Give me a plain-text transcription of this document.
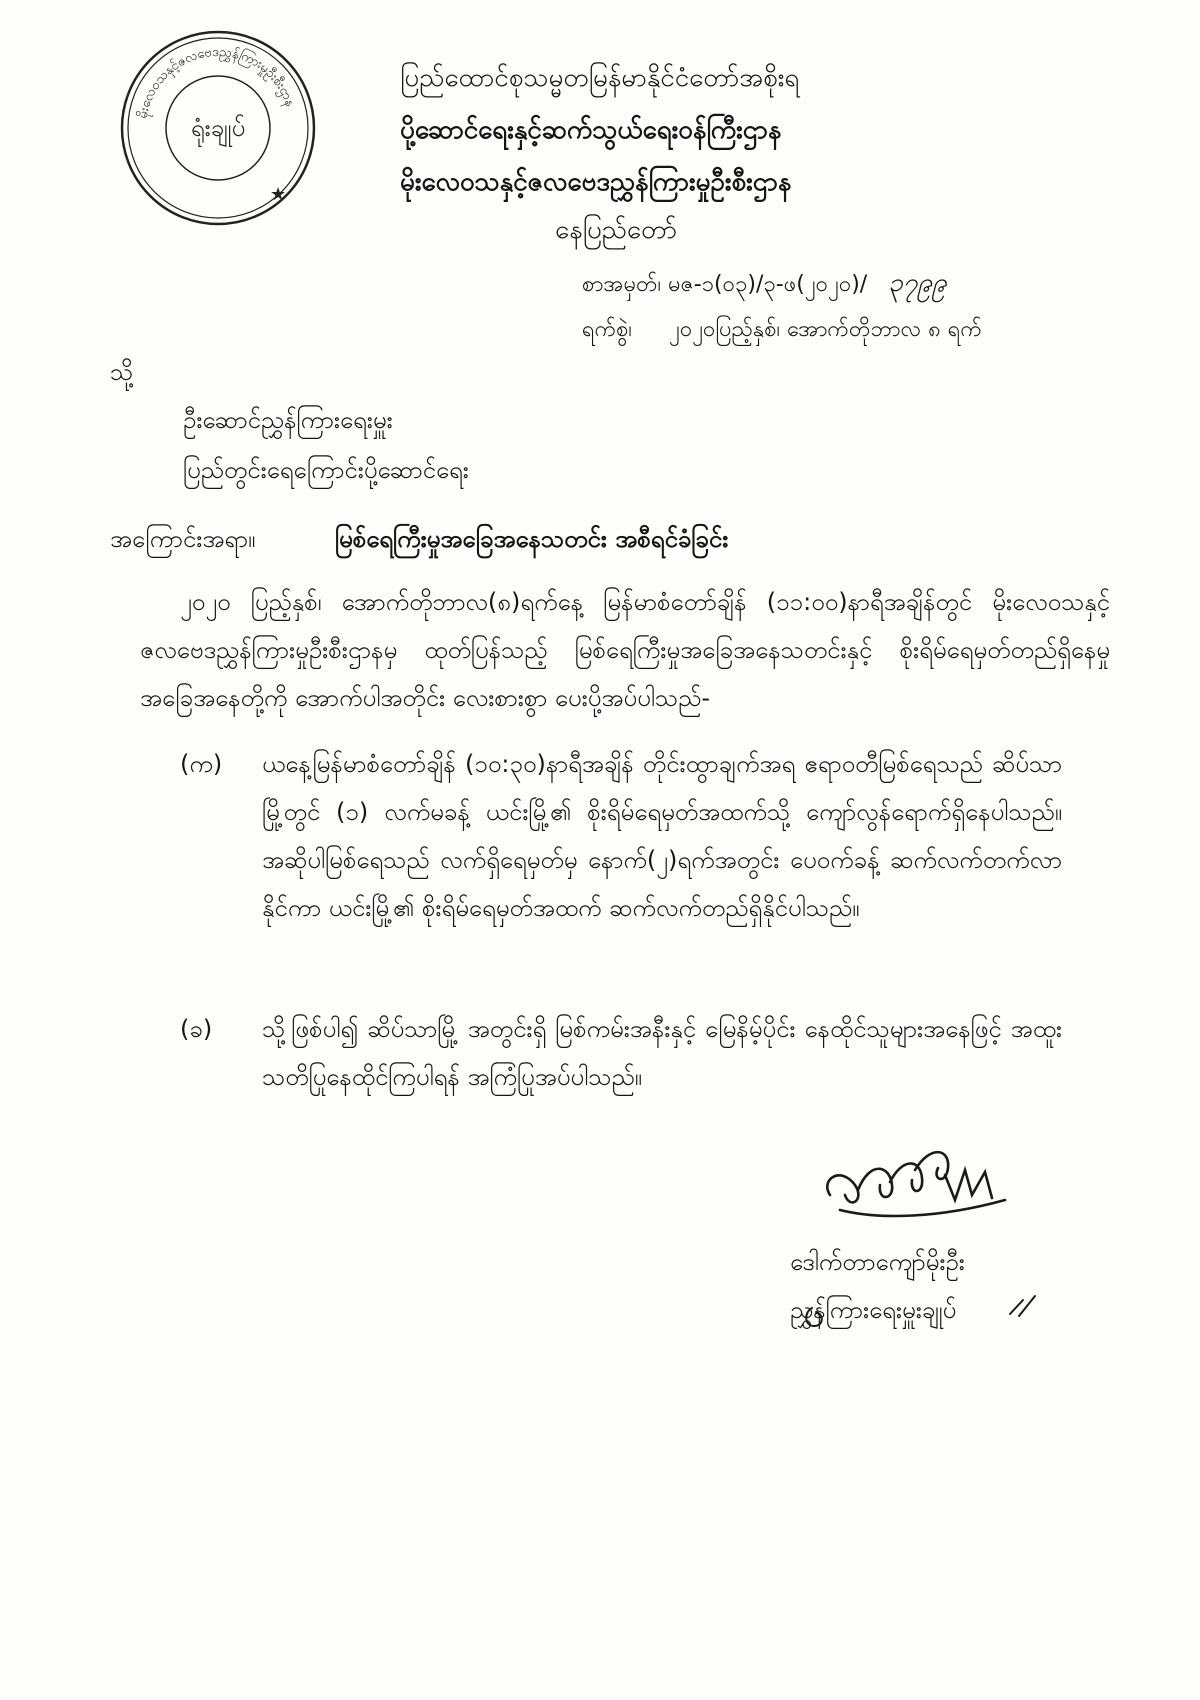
မိုးလေဝသနှင့်ဇလဗေဒညွှန်ကြားမှုဦးစီးဌာန
ရုံးချုပ်
★
ပြည်ထောင်စုသမ္မတမြန်မာနိုင်ငံတော်အစိုးရ
ပို့ဆောင်ရေးနှင့်ဆက်သွယ်ရေးဝန်ကြီးဌာန
မိုးလေဝသနှင့်ဇလဗေဒညွှန်ကြားမှုဦးစီးဌာန
နေပြည်တော်
စာအမှတ်၊ မဇ-၁(၀၃)/၃-ဖ(၂၀၂၀)/ ၃၇၉၉
ရက်စွဲ၊ ၂၀၂၀ပြည့်နှစ်၊ အောက်တိုဘာလ ၈ ရက်
သို့
ဦးဆောင်ညွှန်ကြားရေးမှူး
ပြည်တွင်းရေကြောင်းပို့ဆောင်ရေး
အကြောင်းအရာ။	မြစ်ရေကြီးမှုအခြေအနေသတင်း အစီရင်ခံခြင်း
၂၀၂၀ ပြည့်နှစ်၊ အောက်တိုဘာလ(၈)ရက်နေ့ မြန်မာစံတော်ချိန် (၁၁:၀၀)နာရီအချိန်တွင် မိုးလေဝသနှင့် ဇလဗေဒညွှန်ကြားမှုဦးစီးဌာနမှ ထုတ်ပြန်သည့် မြစ်ရေကြီးမှုအခြေအနေသတင်းနှင့် စိုးရိမ်ရေမှတ်တည်ရှိနေမှု အခြေအနေတို့ကို အောက်ပါအတိုင်း လေးစားစွာ ပေးပို့အပ်ပါသည်-
(က)	ယနေ့မြန်မာစံတော်ချိန် (၁၀:၃၀)နာရီအချိန် တိုင်းထွာချက်အရ ဧရာဝတီမြစ်ရေသည် ဆိပ်သာမြို့တွင် (၁) လက်မခန့် ယင်းမြို့၏ စိုးရိမ်ရေမှတ်အထက်သို့ ကျော်လွန်ရောက်ရှိနေပါသည်။ အဆိုပါမြစ်ရေသည် လက်ရှိရေမှတ်မှ နောက်(၂)ရက်အတွင်း ပေဝက်ခန့် ဆက်လက်တက်လာနိုင်ကာ ယင်းမြို့၏ စိုးရိမ်ရေမှတ်အထက် ဆက်လက်တည်ရှိနိုင်ပါသည်။
(ခ)	သို့ဖြစ်ပါ၍ ဆိပ်သာမြို့ အတွင်းရှိ မြစ်ကမ်းအနီးနှင့် မြေနိမ့်ပိုင်း နေထိုင်သူများအနေဖြင့် အထူးသတိပြုနေထိုင်ကြပါရန် အကြံပြုအပ်ပါသည်။
ဒေါက်တာကျော်မိုးဦး
ညွှန်ကြားရေးမှူးချုပ်
